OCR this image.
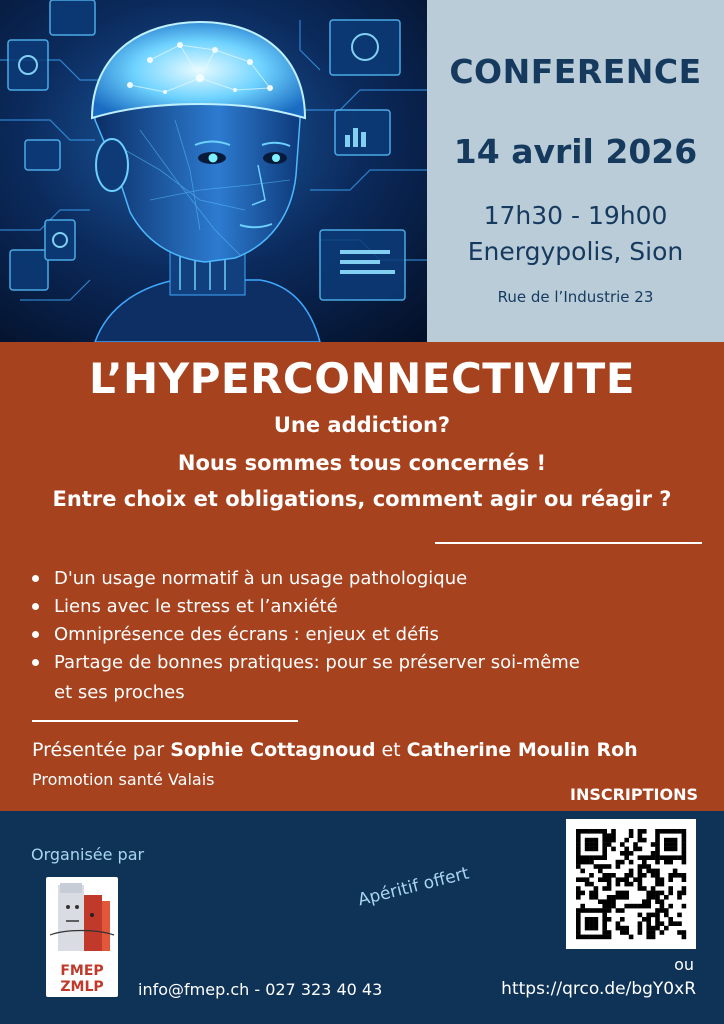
CONFERENCE
14 avril 2026
17h30 - 19h00
Energypolis, Sion
Rue de l’Industrie 23
L’HYPERCONNECTIVITE
Une addiction?
Nous sommes tous concernés !
Entre choix et obligations, comment agir ou réagir ?
D'un usage normatif à un usage pathologique
Liens avec le stress et l’anxiété
Omniprésence des écrans : enjeux et défis
Partage de bonnes pratiques: pour se préserver soi-même
et ses proches
Présentée par Sophie Cottagnoud et Catherine Moulin Roh
Promotion santé Valais
INSCRIPTIONS
Organisée par
FMEP
ZMLP	info@fmep.ch - 027 323 40 43
Apéritif offert
ou
https://qrco.de/bgY0xR
